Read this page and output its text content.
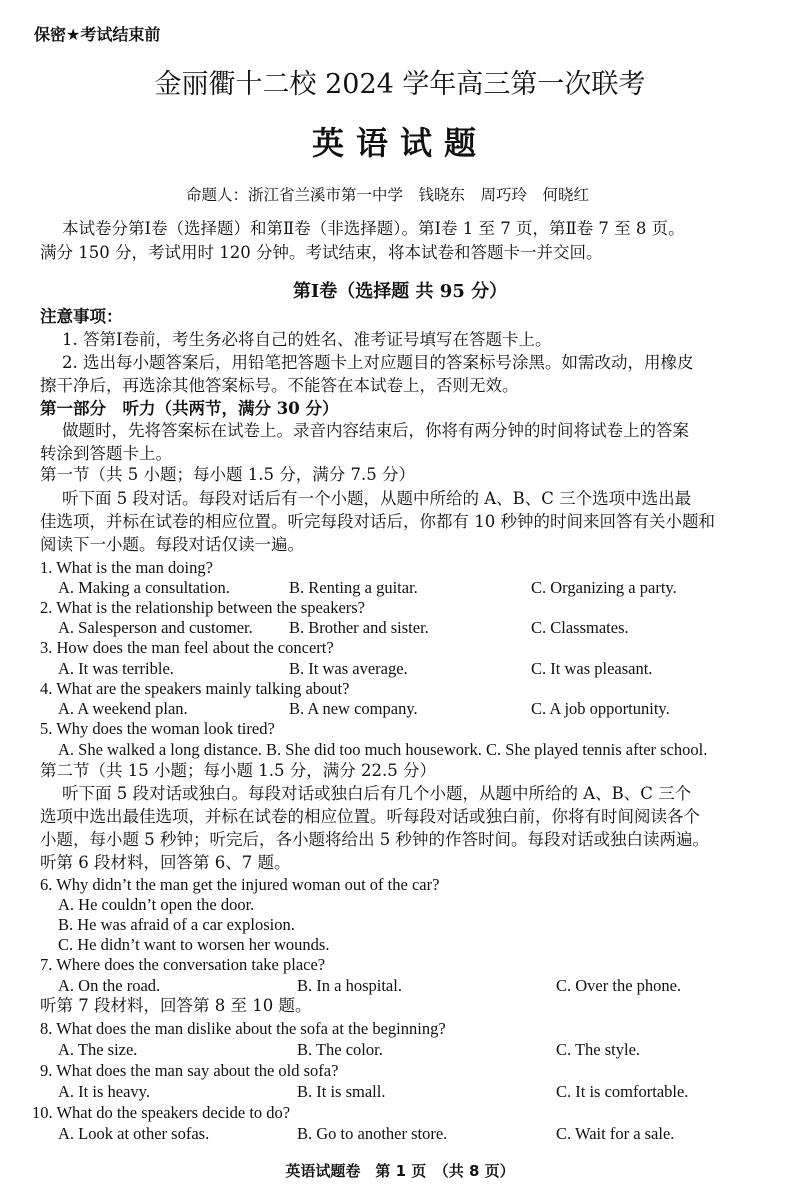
保密★考试结束前
金丽衢十二校 2024 学年高三第一次联考
英语试题
命题人：浙江省兰溪市第一中学　钱晓东　周巧玲　何晓红
本试卷分第Ⅰ卷（选择题）和第Ⅱ卷（非选择题）。第Ⅰ卷 1 至 7 页，第Ⅱ卷 7 至 8 页。
满分 150 分，考试用时 120 分钟。考试结束，将本试卷和答题卡一并交回。
第Ⅰ卷（选择题 共 95 分）
注意事项：
1. 答第Ⅰ卷前，考生务必将自己的姓名、准考证号填写在答题卡上。
2. 选出每小题答案后，用铅笔把答题卡上对应题目的答案标号涂黑。如需改动，用橡皮
擦干净后，再选涂其他答案标号。不能答在本试卷上，否则无效。
第一部分　听力（共两节，满分 30 分）
做题时，先将答案标在试卷上。录音内容结束后，你将有两分钟的时间将试卷上的答案
转涂到答题卡上。
第一节（共 5 小题；每小题 1.5 分，满分 7.5 分）
听下面 5 段对话。每段对话后有一个小题，从题中所给的 A、B、C 三个选项中选出最
佳选项，并标在试卷的相应位置。听完每段对话后，你都有 10 秒钟的时间来回答有关小题和
阅读下一小题。每段对话仅读一遍。
1. What is the man doing?
A. Making a consultation.	B. Renting a guitar.	C. Organizing a party.
2. What is the relationship between the speakers?
A. Salesperson and customer. B. Brother and sister.	C. Classmates.
3. How does the man feel about the concert?
A. It was terrible.	B. It was average.	C. It was pleasant.
4. What are the speakers mainly talking about?
A. A weekend plan.	B. A new company.	C. A job opportunity.
5. Why does the woman look tired?
A. She walked a long distance. B. She did too much housework. C. She played tennis after school.
第二节（共 15 小题；每小题 1.5 分，满分 22.5 分）
听下面 5 段对话或独白。每段对话或独白后有几个小题，从题中所给的 A、B、C 三个
选项中选出最佳选项，并标在试卷的相应位置。听每段对话或独白前，你将有时间阅读各个
小题，每小题 5 秒钟；听完后，各小题将给出 5 秒钟的作答时间。每段对话或独白读两遍。
听第 6 段材料，回答第 6、7 题。
6. Why didn’t the man get the injured woman out of the car?
A. He couldn’t open the door.
B. He was afraid of a car explosion.
C. He didn’t want to worsen her wounds.
7. Where does the conversation take place?
A. On the road.	B. In a hospital.	C. Over the phone.
听第 7 段材料，回答第 8 至 10 题。
8. What does the man dislike about the sofa at the beginning?
A. The size.	B. The color.	C. The style.
9. What does the man say about the old sofa?
A. It is heavy.	B. It is small.	C. It is comfortable.
10. What do the speakers decide to do?
A. Look at other sofas.	B. Go to another store.	C. Wait for a sale.
英语试题卷　第 1 页　（共 8 页）
